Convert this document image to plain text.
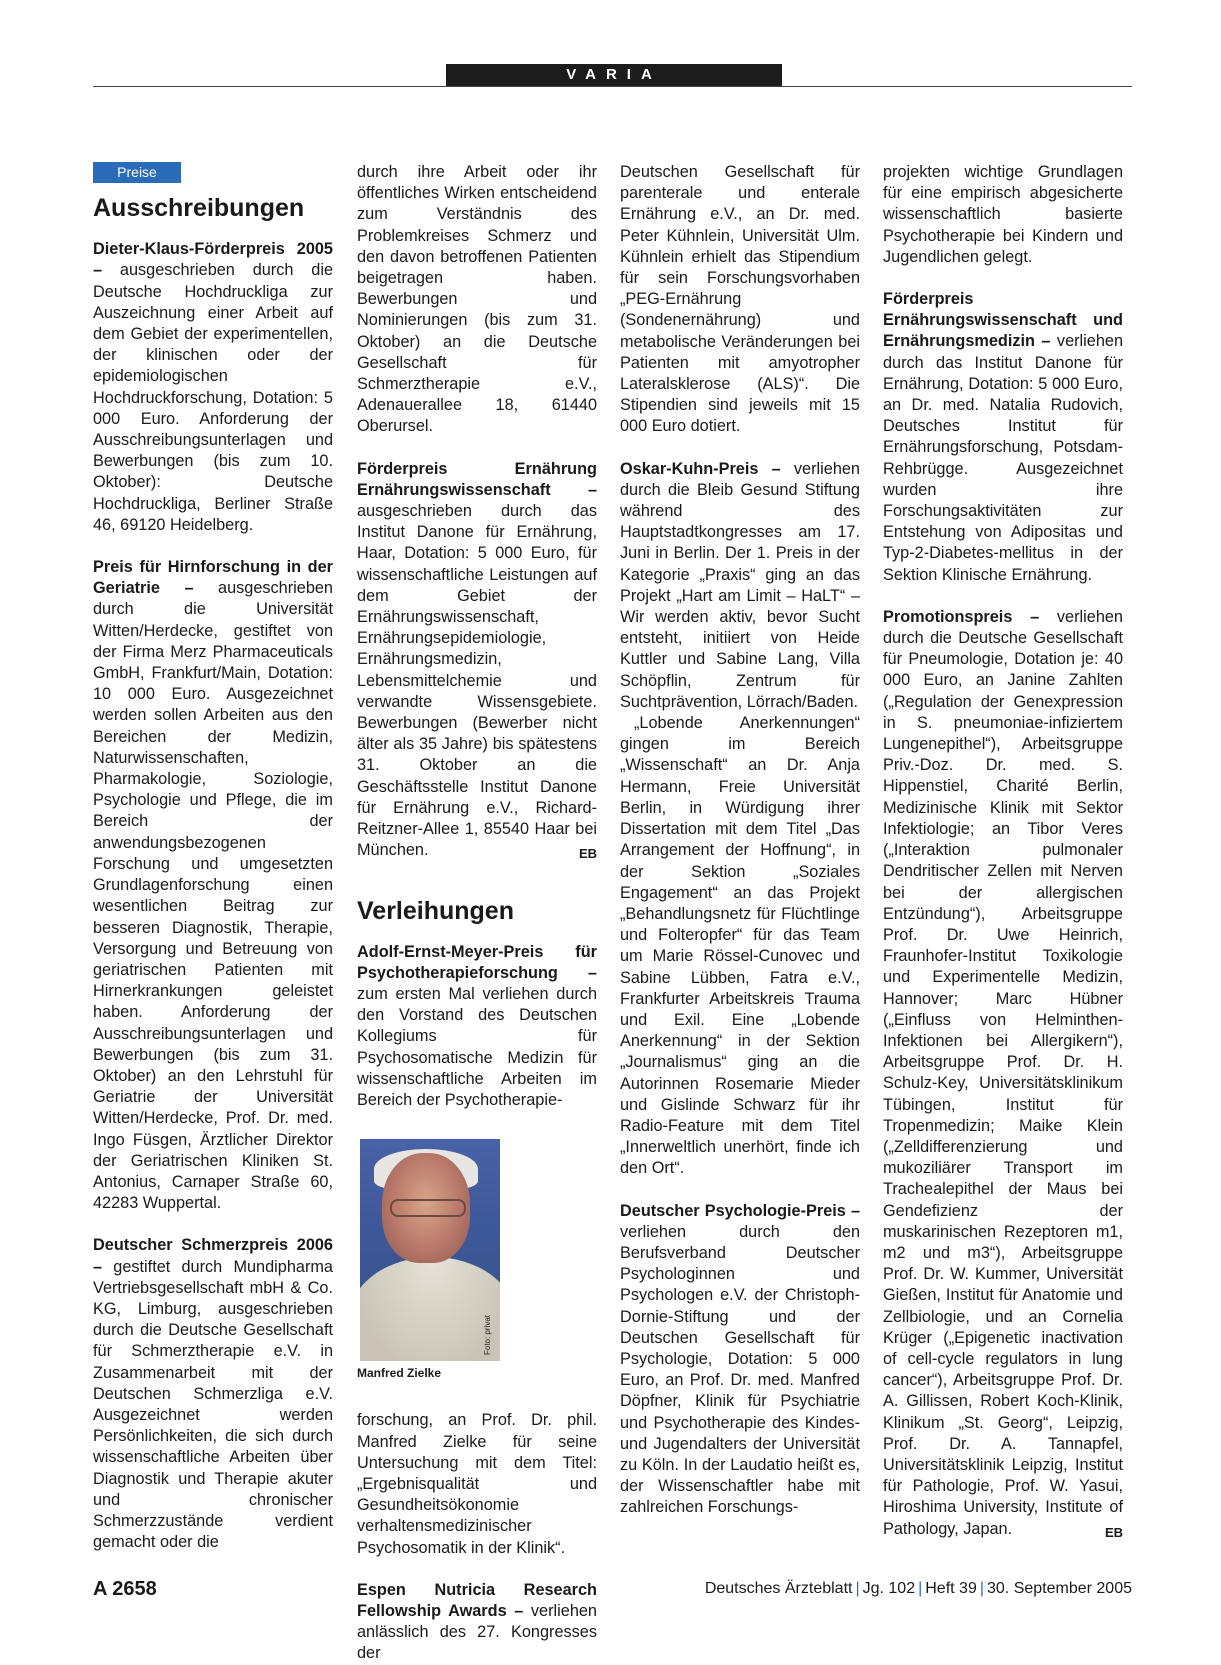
VARIA
Preise
Ausschreibungen

Dieter-Klaus-Förderpreis 2005 – ausgeschrieben durch die Deutsche Hochdruckliga zur Auszeichnung einer Arbeit auf dem Gebiet der experimentellen, der klinischen oder der epidemiologischen Hochdruckforschung, Dotation: 5 000 Euro. Anforderung der Ausschreibungsunterlagen und Bewerbungen (bis zum 10. Oktober): Deutsche Hochdruckliga, Berliner Straße 46, 69120 Heidelberg.

Preis für Hirnforschung in der Geriatrie – ausgeschrieben durch die Universität Witten/Herdecke, gestiftet von der Firma Merz Pharmaceuticals GmbH, Frankfurt/Main, Dotation: 10 000 Euro. Ausgezeichnet werden sollen Arbeiten aus den Bereichen der Medizin, Naturwissenschaften, Pharmakologie, Soziologie, Psychologie und Pflege, die im Bereich der anwendungsbezogenen Forschung und umgesetzten Grundlagenforschung einen wesentlichen Beitrag zur besseren Diagnostik, Therapie, Versorgung und Betreuung von geriatrischen Patienten mit Hirnerkrankungen geleistet haben. Anforderung der Ausschreibungsunterlagen und Bewerbungen (bis zum 31. Oktober) an den Lehrstuhl für Geriatrie der Universität Witten/Herdecke, Prof. Dr. med. Ingo Füsgen, Ärztlicher Direktor der Geriatrischen Kliniken St. Antonius, Carnaper Straße 60, 42283 Wuppertal.

Deutscher Schmerzpreis 2006 – gestiftet durch Mundipharma Vertriebsgesellschaft mbH & Co. KG, Limburg, ausgeschrieben durch die Deutsche Gesellschaft für Schmerztherapie e.V. in Zusammenarbeit mit der Deutschen Schmerzliga e.V. Ausgezeichnet werden Persönlichkeiten, die sich durch wissenschaftliche Arbeiten über Diagnostik und Therapie akuter und chronischer Schmerzzustände verdient gemacht oder die

durch ihre Arbeit oder ihr öffentliches Wirken entscheidend zum Verständnis des Problemkreises Schmerz und den davon betroffenen Patienten beigetragen haben. Bewerbungen und Nominierungen (bis zum 31. Oktober) an die Deutsche Gesellschaft für Schmerztherapie e.V., Adenauerallee 18, 61440 Oberursel.

Förderpreis Ernährung Ernährungswissenschaft – ausgeschrieben durch das Institut Danone für Ernährung, Haar, Dotation: 5 000 Euro, für wissenschaftliche Leistungen auf dem Gebiet der Ernährungswissenschaft, Ernährungsepidemiologie, Ernährungsmedizin, Lebensmittelchemie und verwandte Wissensgebiete. Bewerbungen (Bewerber nicht älter als 35 Jahre) bis spätestens 31. Oktober an die Geschäftsstelle Institut Danone für Ernährung e.V., Richard-Reitzner-Allee 1, 85540 Haar bei München.	EB

Verleihungen

Adolf-Ernst-Meyer-Preis für Psychotherapieforschung – zum ersten Mal verliehen durch den Vorstand des Deutschen Kollegiums für Psychosomatische Medizin für wissenschaftliche Arbeiten im Bereich der Psychotherapie-

Foto: privat
Manfred Zielke

forschung, an Prof. Dr. phil. Manfred Zielke für seine Untersuchung mit dem Titel: „Ergebnisqualität und Gesundheitsökonomie verhaltensmedizinischer Psychosomatik in der Klinik“.

Espen Nutricia Research Fellowship Awards – verliehen anlässlich des 27. Kongresses der

Deutschen Gesellschaft für parenterale und enterale Ernährung e.V., an Dr. med. Peter Kühnlein, Universität Ulm. Kühnlein erhielt das Stipendium für sein Forschungsvorhaben „PEG-Ernährung (Sondenernährung) und metabolische Veränderungen bei Patienten mit amyotropher Lateralsklerose (ALS)“. Die Stipendien sind jeweils mit 15 000 Euro dotiert.

Oskar-Kuhn-Preis – verliehen durch die Bleib Gesund Stiftung während des Hauptstadtkongresses am 17. Juni in Berlin. Der 1. Preis in der Kategorie „Praxis“ ging an das Projekt „Hart am Limit – HaLT“ – Wir werden aktiv, bevor Sucht entsteht, initiiert von Heide Kuttler und Sabine Lang, Villa Schöpflin, Zentrum für Suchtprävention, Lörrach/Baden.

„Lobende Anerkennungen“ gingen im Bereich „Wissenschaft“ an Dr. Anja Hermann, Freie Universität Berlin, in Würdigung ihrer Dissertation mit dem Titel „Das Arrangement der Hoffnung“, in der Sektion „Soziales Engagement“ an das Projekt „Behandlungsnetz für Flüchtlinge und Folteropfer“ für das Team um Marie Rössel-Cunovec und Sabine Lübben, Fatra e.V., Frankfurter Arbeitskreis Trauma und Exil. Eine „Lobende Anerkennung“ in der Sektion „Journalismus“ ging an die Autorinnen Rosemarie Mieder und Gislinde Schwarz für ihr Radio-Feature mit dem Titel „Innerweltlich unerhört, finde ich den Ort“.

Deutscher Psychologie-Preis – verliehen durch den Berufsverband Deutscher Psychologinnen und Psychologen e.V. der Christoph-Dornie-Stiftung und der Deutschen Gesellschaft für Psychologie, Dotation: 5 000 Euro, an Prof. Dr. med. Manfred Döpfner, Klinik für Psychiatrie und Psychotherapie des Kindes- und Jugendalters der Universität zu Köln. In der Laudatio heißt es, der Wissenschaftler habe mit zahlreichen Forschungs-

projekten wichtige Grundlagen für eine empirisch abgesicherte wissenschaftlich basierte Psychotherapie bei Kindern und Jugendlichen gelegt.

Förderpreis Ernährungswissenschaft und Ernährungsmedizin – verliehen durch das Institut Danone für Ernährung, Dotation: 5 000 Euro, an Dr. med. Natalia Rudovich, Deutsches Institut für Ernährungsforschung, Potsdam-Rehbrügge. Ausgezeichnet wurden ihre Forschungsaktivitäten zur Entstehung von Adipositas und Typ-2-Diabetes-mellitus in der Sektion Klinische Ernährung.

Promotionspreis – verliehen durch die Deutsche Gesellschaft für Pneumologie, Dotation je: 40 000 Euro, an Janine Zahlten („Regulation der Genexpression in S. pneumoniae-infiziertem Lungenepithel“), Arbeitsgruppe Priv.-Doz. Dr. med. S. Hippenstiel, Charité Berlin, Medizinische Klinik mit Sektor Infektiologie; an Tibor Veres („Interaktion pulmonaler Dendritischer Zellen mit Nerven bei der allergischen Entzündung“), Arbeitsgruppe Prof. Dr. Uwe Heinrich, Fraunhofer-Institut Toxikologie und Experimentelle Medizin, Hannover; Marc Hübner („Einfluss von Helminthen-Infektionen bei Allergikern“), Arbeitsgruppe Prof. Dr. H. Schulz-Key, Universitätsklinikum Tübingen, Institut für Tropenmedizin; Maike Klein („Zelldifferenzierung und mukoziliärer Transport im Trachealepithel der Maus bei Gendefizienz der muskarinischen Rezeptoren m1, m2 und m3“), Arbeitsgruppe Prof. Dr. W. Kummer, Universität Gießen, Institut für Anatomie und Zellbiologie, und an Cornelia Krüger („Epigenetic inactivation of cell-cycle regulators in lung cancer“), Arbeitsgruppe Prof. Dr. A. Gillissen, Robert Koch-Klinik, Klinikum „St. Georg“, Leipzig, Prof. Dr. A. Tannapfel, Universitätsklinik Leipzig, Institut für Pathologie, Prof. W. Yasui, Hiroshima University, Institute of Pathology, Japan.	EB

A 2658	Deutsches Ärzteblatt | Jg. 102 | Heft 39 | 30. September 2005
